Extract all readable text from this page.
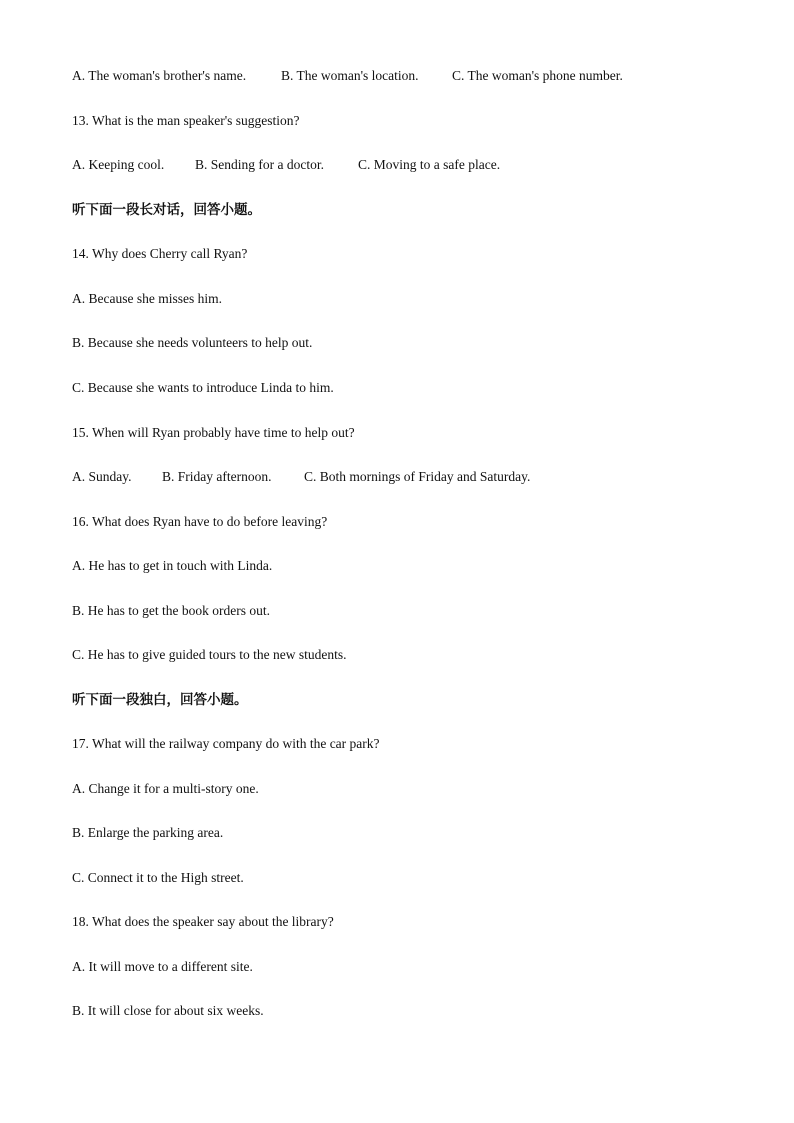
A. The woman's brother's name.	B. The woman's location. C. The woman's phone number.
13. What is the man speaker's suggestion?
A. Keeping cool. B. Sending for a doctor.	C. Moving to a safe place.
听下面一段长对话，回答小题。
14. Why does Cherry call Ryan?
A. Because she misses him.
B. Because she needs volunteers to help out.
C. Because she wants to introduce Linda to him.
15. When will Ryan probably have time to help out?
A. Sunday. B. Friday afternoon. C. Both mornings of Friday and Saturday.
16. What does Ryan have to do before leaving?
A. He has to get in touch with Linda.
B. He has to get the book orders out.
C. He has to give guided tours to the new students.
听下面一段独白，回答小题。
17. What will the railway company do with the car park?
A. Change it for a multi-story one.
B. Enlarge the parking area.
C. Connect it to the High street.
18. What does the speaker say about the library?
A. It will move to a different site.
B. It will close for about six weeks.
